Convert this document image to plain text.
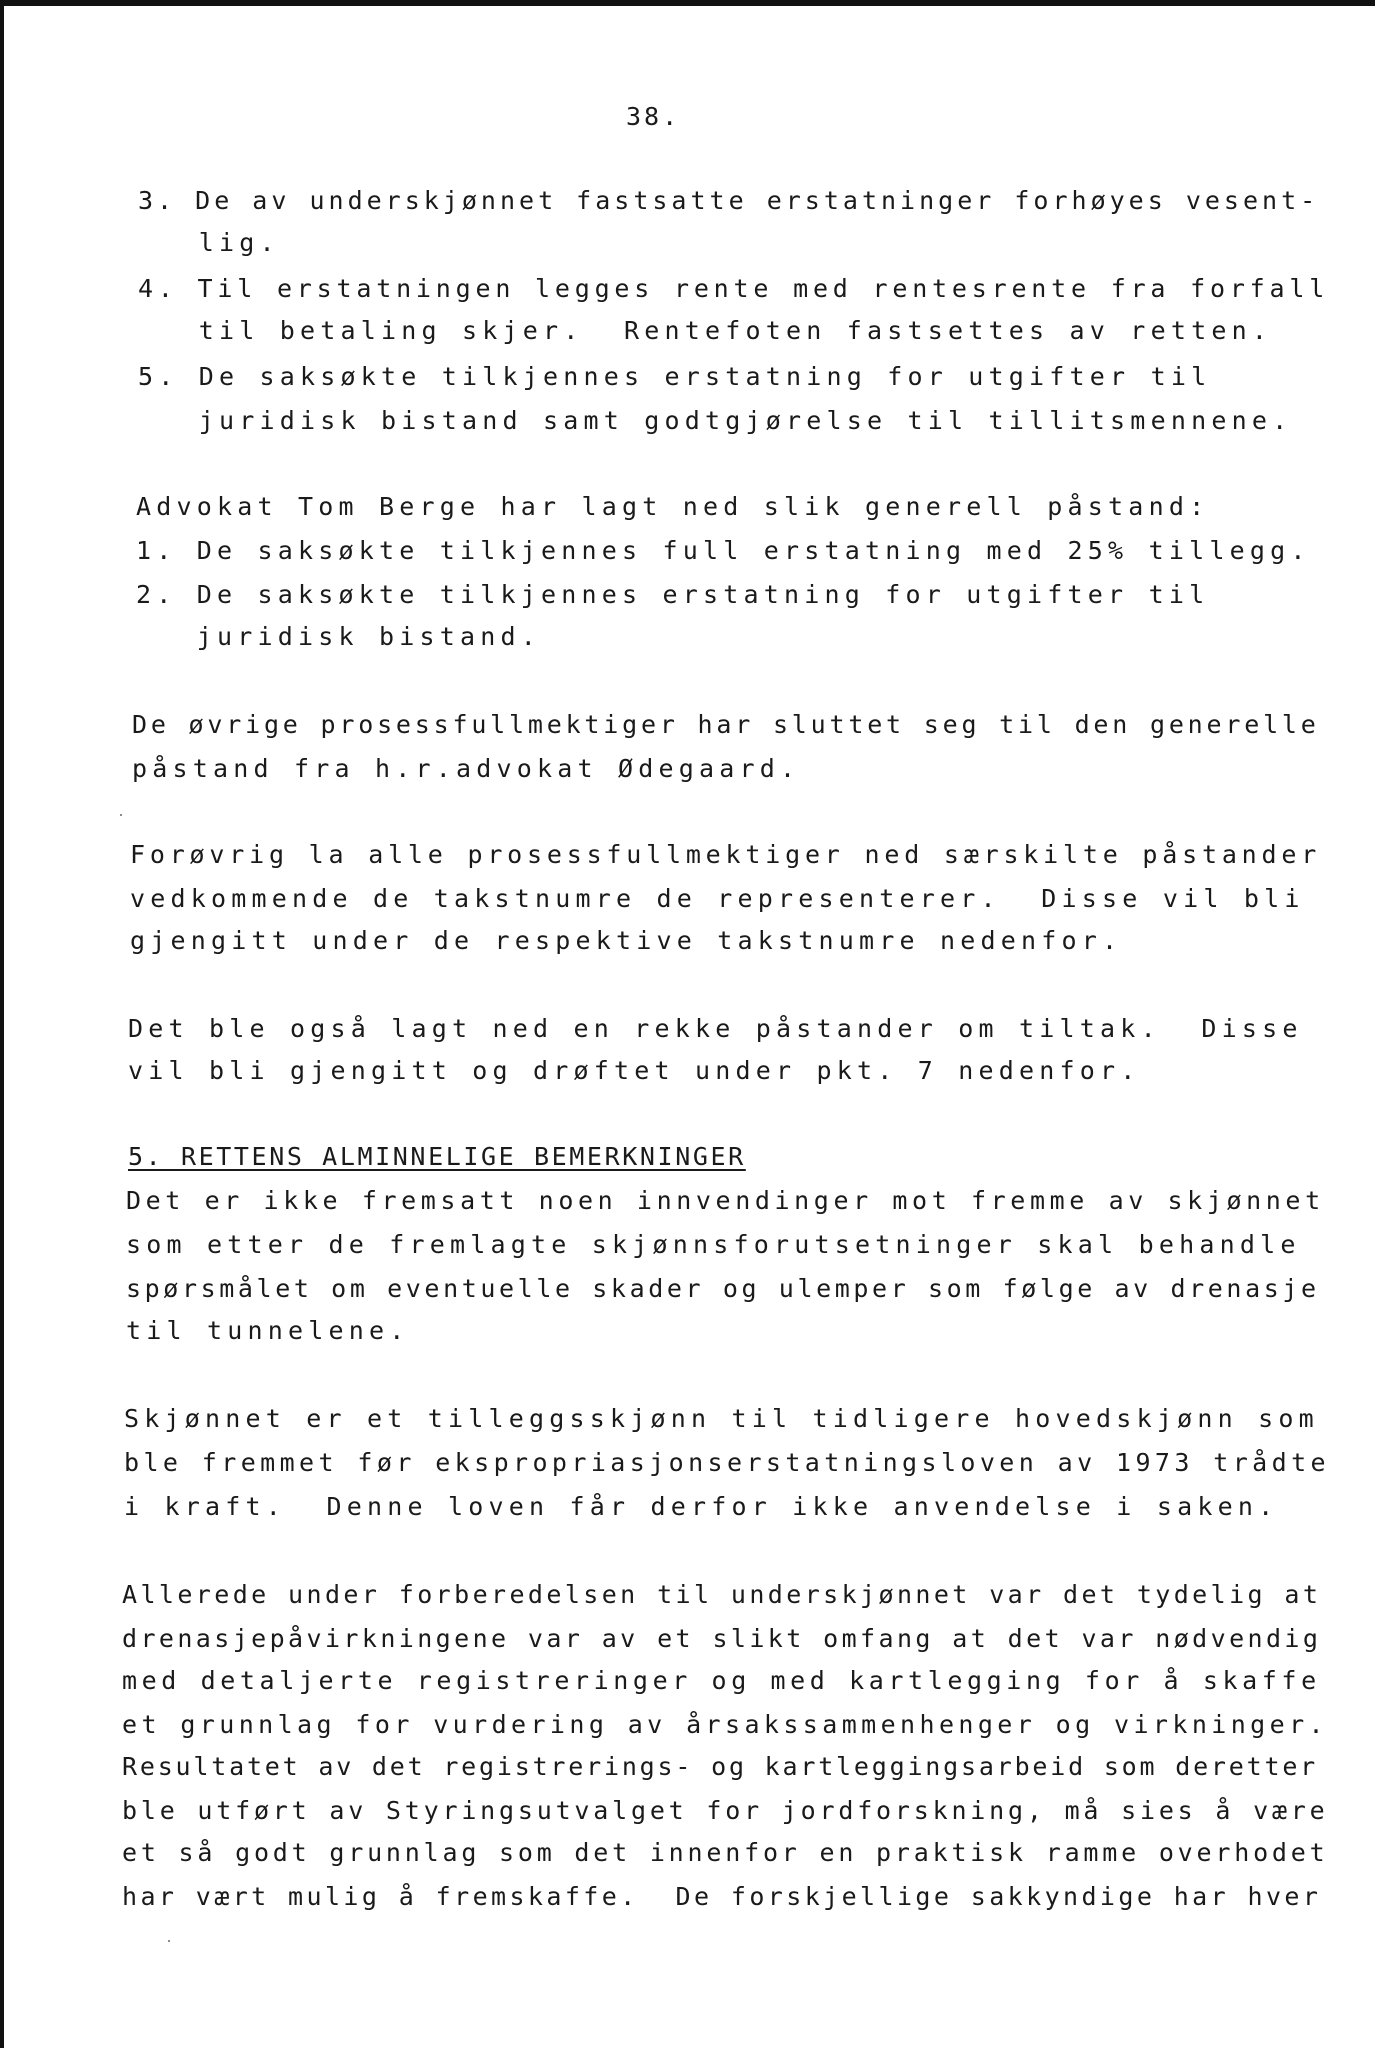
38.
3. De av underskjønnet fastsatte erstatninger forhøyes vesent-
lig.
4. Til erstatningen legges rente med rentesrente fra forfall
til betaling skjer.  Rentefoten fastsettes av retten.
5. De saksøkte tilkjennes erstatning for utgifter til
juridisk bistand samt godtgjørelse til tillitsmennene.
Advokat Tom Berge har lagt ned slik generell påstand:
1. De saksøkte tilkjennes full erstatning med 25% tillegg.
2. De saksøkte tilkjennes erstatning for utgifter til
juridisk bistand.
De øvrige prosessfullmektiger har sluttet seg til den generelle
påstand fra h.r.advokat Ødegaard.
Forøvrig la alle prosessfullmektiger ned særskilte påstander
vedkommende de takstnumre de representerer.  Disse vil bli
gjengitt under de respektive takstnumre nedenfor.
Det ble også lagt ned en rekke påstander om tiltak.  Disse
vil bli gjengitt og drøftet under pkt. 7 nedenfor.
5. RETTENS ALMINNELIGE BEMERKNINGER
Det er ikke fremsatt noen innvendinger mot fremme av skjønnet
som etter de fremlagte skjønnsforutsetninger skal behandle
spørsmålet om eventuelle skader og ulemper som følge av drenasje
til tunnelene.
Skjønnet er et tilleggsskjønn til tidligere hovedskjønn som
ble fremmet før ekspropriasjonserstatningsloven av 1973 trådte
i kraft.  Denne loven får derfor ikke anvendelse i saken.
Allerede under forberedelsen til underskjønnet var det tydelig at
drenasjepåvirkningene var av et slikt omfang at det var nødvendig
med detaljerte registreringer og med kartlegging for å skaffe
et grunnlag for vurdering av årsakssammenhenger og virkninger.
Resultatet av det registrerings- og kartleggingsarbeid som deretter
ble utført av Styringsutvalget for jordforskning, må sies å være
et så godt grunnlag som det innenfor en praktisk ramme overhodet
har vært mulig å fremskaffe.  De forskjellige sakkyndige har hver
